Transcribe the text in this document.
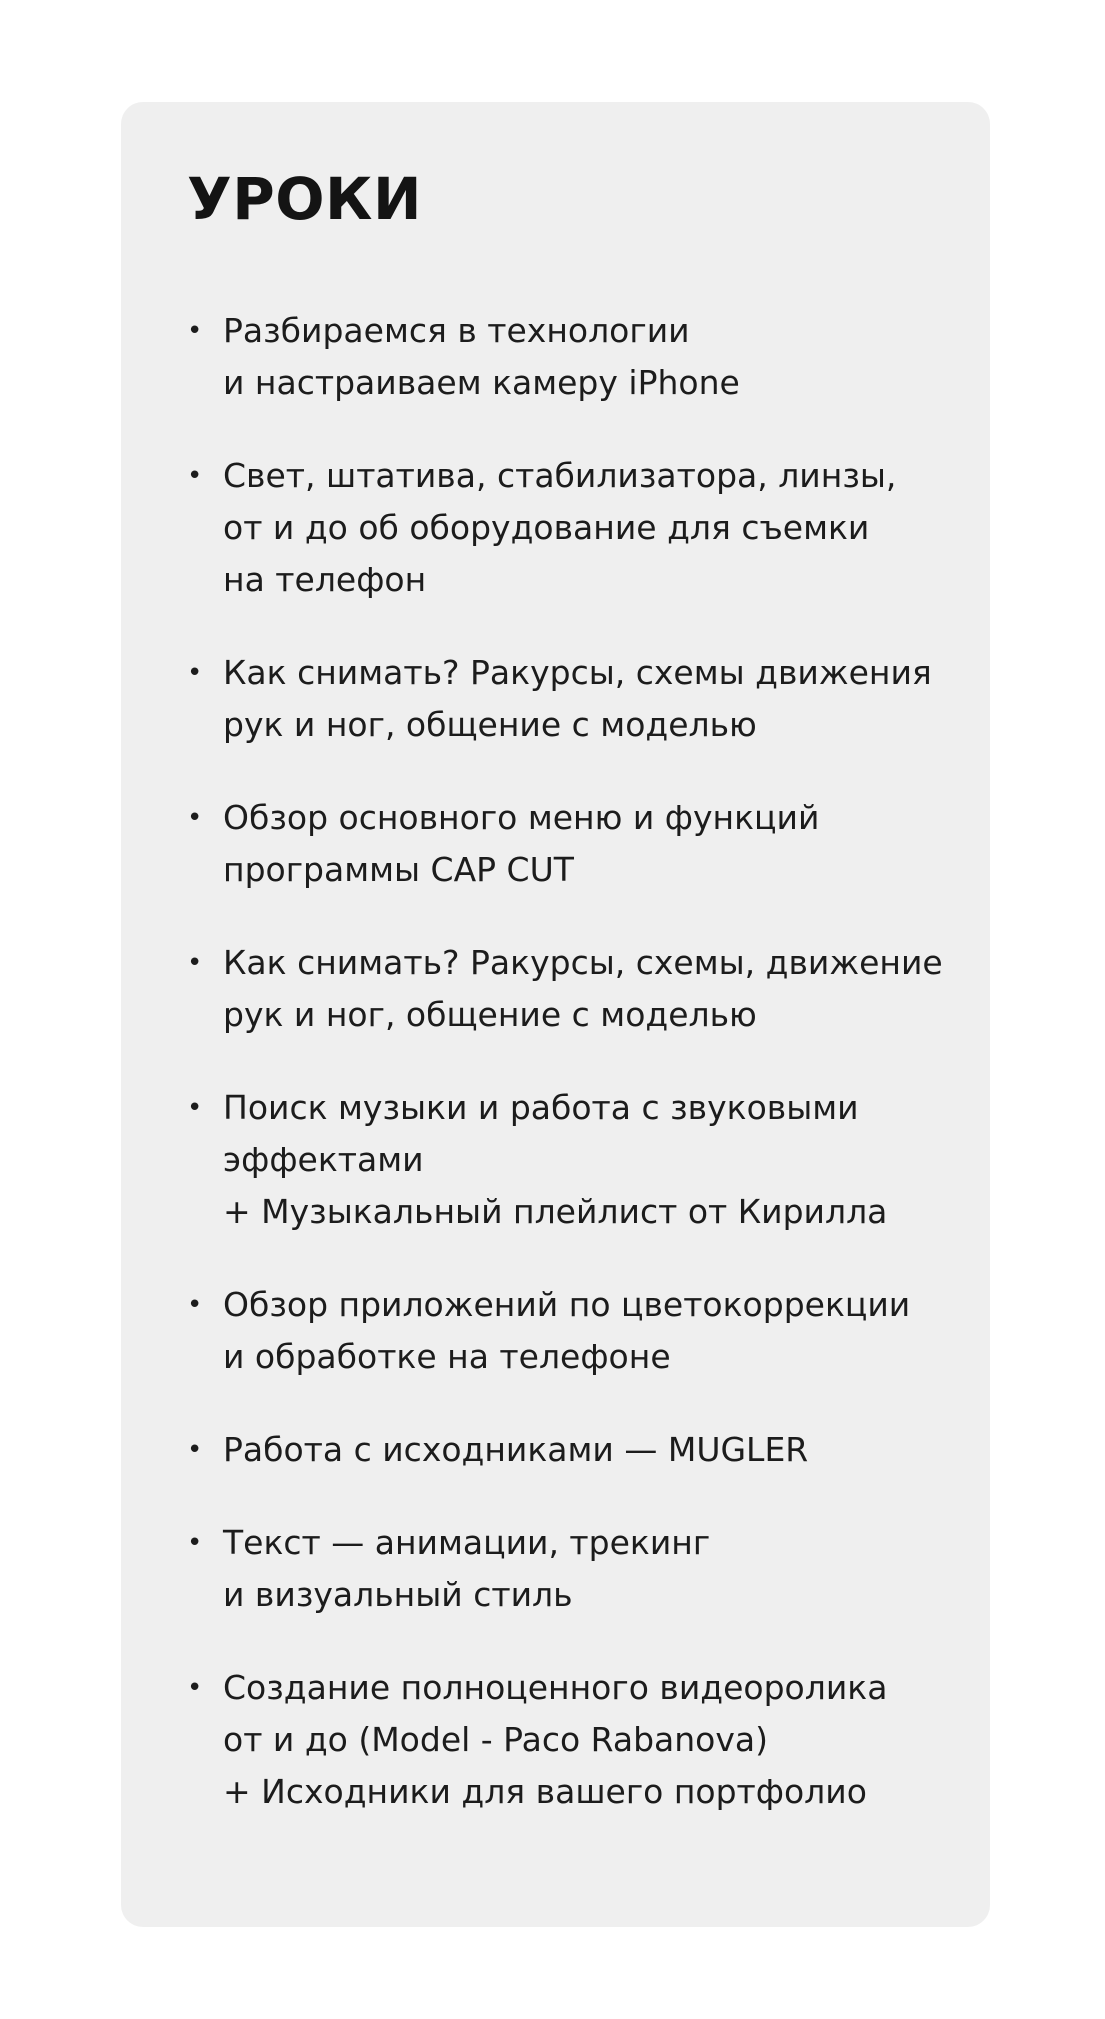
УРОКИ
• Разбираемся в технологии
и настраиваем камеру iPhone
• Свет, штатива, стабилизатора, линзы,
от и до об оборудование для съемки
на телефон
• Как снимать? Ракурсы, схемы движения
рук и ног, общение с моделью
• Обзор основного меню и функций
программы CAP CUT
• Как снимать? Ракурсы, схемы, движение
рук и ног, общение с моделью
• Поиск музыки и работа с звуковыми
эффектами
+ Музыкальный плейлист от Кирилла
• Обзор приложений по цветокоррекции
и обработке на телефоне
• Работа с исходниками — MUGLER
• Текст — анимации, трекинг
и визуальный стиль
• Создание полноценного видеоролика
от и до (Model - Paco Rabanova)
+ Исходники для вашего портфолио
